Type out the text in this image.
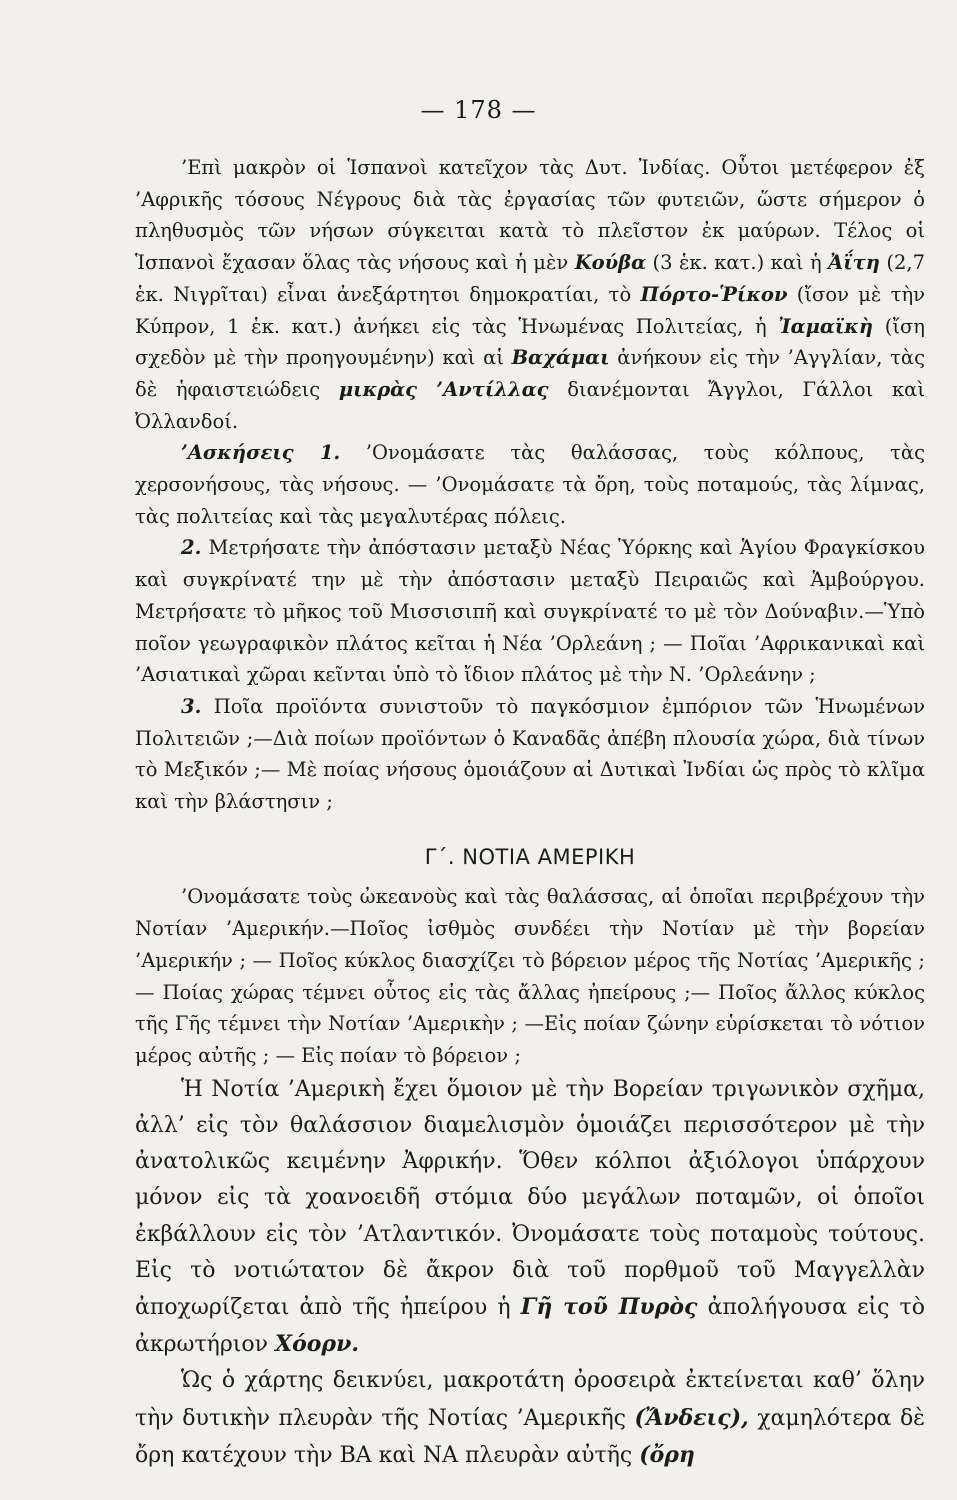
— 178 —

’Επὶ μακρὸν οἱ Ἱσπανοὶ κατεῖχον τὰς Δυτ. Ἰνδίας. Οὗτοι μετέφερον ἐξ ’Αφρικῆς τόσους Νέγρους διὰ τὰς ἐργασίας τῶν φυτειῶν, ὥστε σήμερον ὁ πληθυσμὸς τῶν νήσων σύγκειται κατὰ τὸ πλεῖστον ἐκ μαύρων. Τέλος οἱ Ἱσπανοὶ ἔχασαν ὅλας τὰς νήσους καὶ ἡ μὲν Κούβα (3 ἑκ. κατ.) καὶ ἡ Ἀΐτη (2,7 ἑκ. Νιγρῖται) εἶναι ἀνεξάρτητοι δημοκρατίαι, τὸ Πόρτο-Ῥίκον (ἴσον μὲ τὴν Κύπρον, 1 ἑκ. κατ.) ἀνήκει εἰς τὰς Ἡνωμένας Πολιτείας, ἡ Ἰαμαϊκὴ (ἴση σχεδὸν μὲ τὴν προηγουμένην) καὶ αἱ Βαχάμαι ἀνήκουν εἰς τὴν ’Αγγλίαν, τὰς δὲ ἡφαιστειώδεις μικρὰς ’Αντίλλας διανέμονται Ἄγγλοι, Γάλλοι καὶ Ὀλλανδοί.

’Ασκήσεις 1. ’Ονομάσατε τὰς θαλάσσας, τοὺς κόλπους, τὰς χερσονήσους, τὰς νήσους. — ’Ονομάσατε τὰ ὄρη, τοὺς ποταμούς, τὰς λίμνας, τὰς πολιτείας καὶ τὰς μεγαλυτέρας πόλεις.

2. Μετρήσατε τὴν ἀπόστασιν μεταξὺ Νέας Ὑόρκης καὶ Ἁγίου Φραγκίσκου καὶ συγκρίνατέ την μὲ τὴν ἀπόστασιν μεταξὺ Πειραιῶς καὶ Ἁμβούργου. Μετρήσατε τὸ μῆκος τοῦ Μισσισιπῆ καὶ συγκρίνατέ το μὲ τὸν Δούναβιν.—Ὑπὸ ποῖον γεωγραφικὸν πλάτος κεῖται ἡ Νέα ’Ορλεάνη ; — Ποῖαι ’Αφρικανικαὶ καὶ ’Ασιατικαὶ χῶραι κεῖνται ὑπὸ τὸ ἴδιον πλάτος μὲ τὴν Ν. ’Ορλεάνην ;

3. Ποῖα προϊόντα συνιστοῦν τὸ παγκόσμιον ἐμπόριον τῶν Ἡνωμένων Πολιτειῶν ;—Διὰ ποίων προϊόντων ὁ Καναδᾶς ἀπέβη πλουσία χώρα, διὰ τίνων τὸ Μεξικόν ;— Μὲ ποίας νήσους ὁμοιάζουν αἱ Δυτικαὶ Ἰνδίαι ὡς πρὸς τὸ κλῖμα καὶ τὴν βλάστησιν ;

Γ΄. ΝΟΤΙΑ ΑΜΕΡΙΚΗ

’Ονομάσατε τοὺς ὠκεανοὺς καὶ τὰς θαλάσσας, αἱ ὁποῖαι περιβρέχουν τὴν Νοτίαν ’Αμερικήν.—Ποῖος ἰσθμὸς συνδέει τὴν Νοτίαν μὲ τὴν βορείαν ’Αμερικήν ; — Ποῖος κύκλος διασχίζει τὸ βόρειον μέρος τῆς Νοτίας ’Αμερικῆς ; — Ποίας χώρας τέμνει οὗτος εἰς τὰς ἄλλας ἠπείρους ;— Ποῖος ἄλλος κύκλος τῆς Γῆς τέμνει τὴν Νοτίαν ’Αμερικὴν ; —Εἰς ποίαν ζώνην εὑρίσκεται τὸ νότιον μέρος αὐτῆς ; — Εἰς ποίαν τὸ βόρειον ;

Ἡ Νοτία ’Αμερικὴ ἔχει ὅμοιον μὲ τὴν Βορείαν τριγωνικὸν σχῆμα, ἀλλ’ εἰς τὸν θαλάσσιον διαμελισμὸν ὁμοιάζει περισσότερον μὲ τὴν ἀνατολικῶς κειμένην Ἀφρικήν. Ὅθεν κόλποι ἀξιόλογοι ὑπάρχουν μόνον εἰς τὰ χοανοειδῆ στόμια δύο μεγάλων ποταμῶν, οἱ ὁποῖοι ἐκβάλλουν εἰς τὸν ’Ατλαντικόν. Ὀνομάσατε τοὺς ποταμοὺς τούτους. Εἰς τὸ νοτιώτατον δὲ ἄκρον διὰ τοῦ πορθμοῦ τοῦ Μαγγελλὰν ἀποχωρίζεται ἀπὸ τῆς ἠπείρου ἡ Γῆ τοῦ Πυρὸς ἀπολήγουσα εἰς τὸ ἀκρωτήριον Χόορν.

Ὡς ὁ χάρτης δεικνύει, μακροτάτη ὀροσειρὰ ἐκτείνεται καθ’ ὅλην τὴν δυτικὴν πλευρὰν τῆς Νοτίας ’Αμερικῆς (Ἄνδεις), χαμηλότερα δὲ ὄρη κατέχουν τὴν ΒΑ καὶ ΝΑ πλευρὰν αὐτῆς (ὄρη
